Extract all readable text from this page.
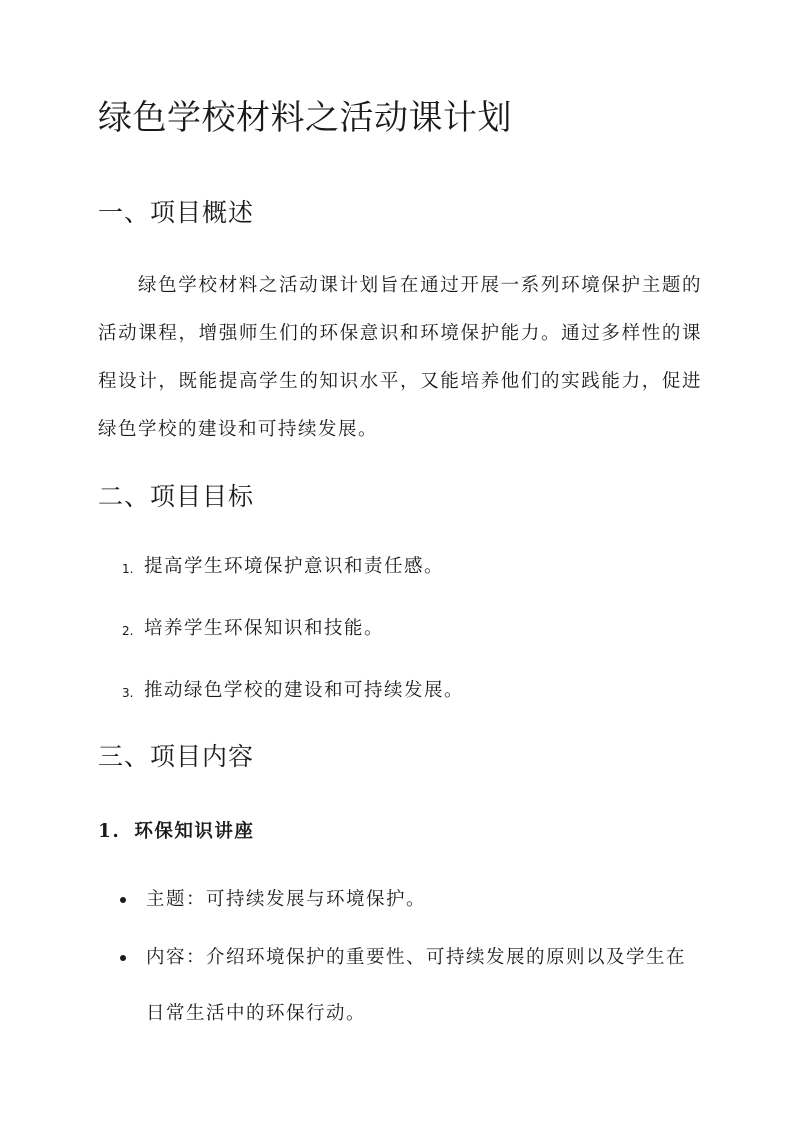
绿色学校材料之活动课计划
一、项目概述

绿色学校材料之活动课计划旨在通过开展一系列环境保护主题的活动课程，增强师生们的环保意识和环境保护能力。通过多样性的课程设计，既能提高学生的知识水平，又能培养他们的实践能力，促进绿色学校的建设和可持续发展。

二、项目目标
1. 提高学生环境保护意识和责任感。
2. 培养学生环保知识和技能。
3. 推动绿色学校的建设和可持续发展。
三、项目内容
1. 环保知识讲座
主题：可持续发展与环境保护。
内容：介绍环境保护的重要性、可持续发展的原则以及学生在日常生活中的环保行动。
